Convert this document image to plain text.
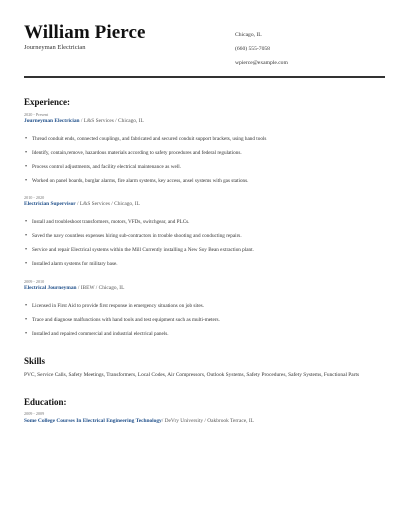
William Pierce
Journeyman Electrician
Chicago, IL
(660) 555-7058
wpierce@example.com
Experience:
2020 - Present
Journeyman Electrician / L&S Services / Chicago, IL
• Thread conduit ends, connected couplings, and fabricated and secured conduit support brackets, using hand tools
• Identify, contain,remove, hazardous materials according to safety procedures and federal regulations.
• Process control adjustments, and facility electrical maintenance as well.
• Worked on panel boards, burglar alarms, fire alarm systems, key access, ansel systems with gas stations.
2010 - 2020
Electrician Supervisor / L&S Services / Chicago, IL
• Install and troubleshoot transformers, motors, VFDs, switchgear, and PLCs.
• Saved the navy countless expenses hiring sub-contractors in trouble shooting and conducting repairs.
• Service and repair Electrical systems within the Mill Currently installing a New Soy Bean extraction plant.
• Installed alarm systems for military base.
2009 - 2010
Electrical Journeyman / IBEW / Chicago, IL
• Licensed in First Aid to provide first response in emergency situations on job sites.
• Trace and diagnose malfunctions with hand tools and test equipment such as multi-meters.
• Installed and repaired commercial and industrial electrical panels.
Skills
PVC, Service Calls, Safety Meetings, Transformers, Local Codes, Air Compressors, Outlook Systems, Safety Procedures, Safety Systems, Functional Parts
Education:
2009 - 2009
Some College Courses In Electrical Engineering Technology/ DeVry University / Oakbrook Terrace, IL
